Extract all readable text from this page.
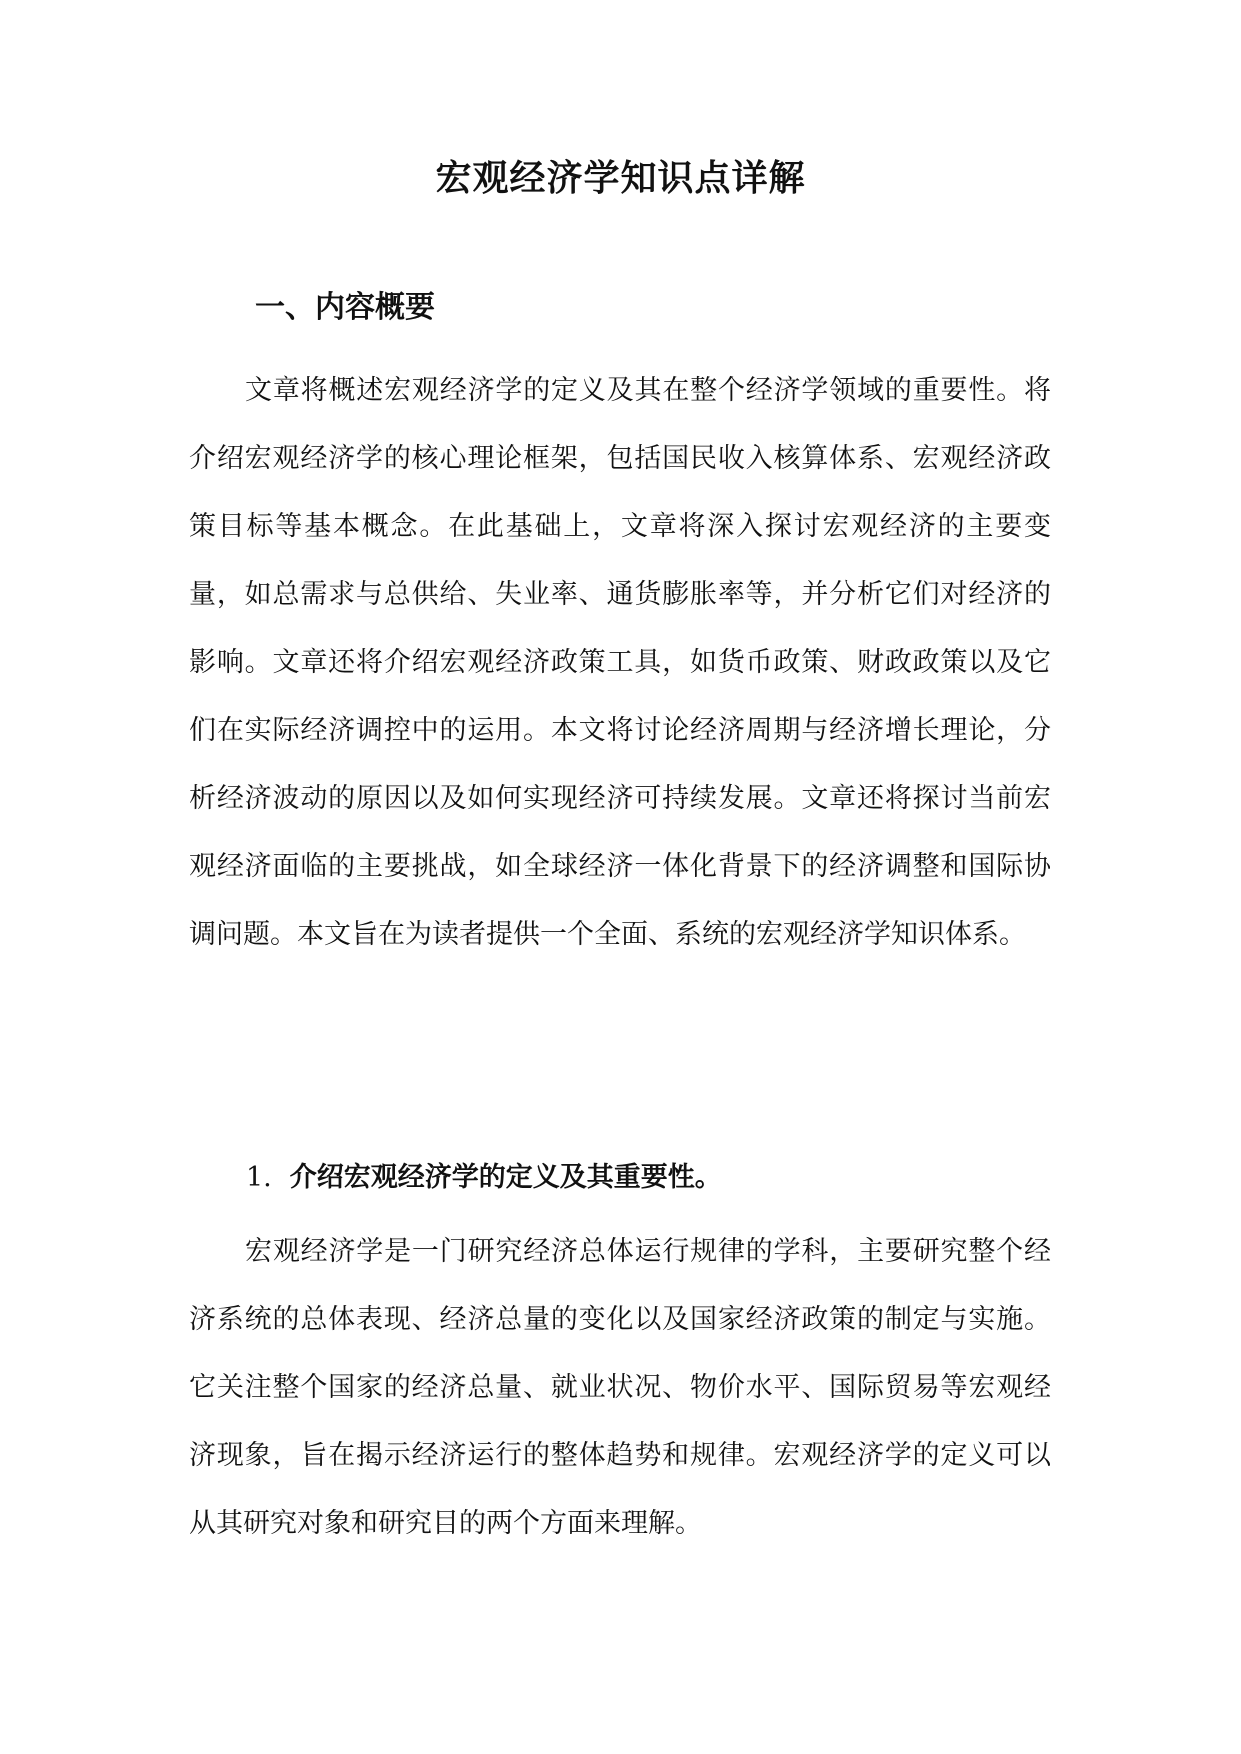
宏观经济学知识点详解
一、内容概要

文章将概述宏观经济学的定义及其在整个经济学领域的重要性。将介绍宏观经济学的核心理论框架，包括国民收入核算体系、宏观经济政策目标等基本概念。在此基础上，文章将深入探讨宏观经济的主要变量，如总需求与总供给、失业率、通货膨胀率等，并分析它们对经济的影响。文章还将介绍宏观经济政策工具，如货币政策、财政政策以及它们在实际经济调控中的运用。本文将讨论经济周期与经济增长理论，分析经济波动的原因以及如何实现经济可持续发展。文章还将探讨当前宏观经济面临的主要挑战，如全球经济一体化背景下的经济调整和国际协调问题。本文旨在为读者提供一个全面、系统的宏观经济学知识体系。

1. 介绍宏观经济学的定义及其重要性。

宏观经济学是一门研究经济总体运行规律的学科，主要研究整个经济系统的总体表现、经济总量的变化以及国家经济政策的制定与实施。它关注整个国家的经济总量、就业状况、物价水平、国际贸易等宏观经济现象，旨在揭示经济运行的整体趋势和规律。宏观经济学的定义可以从其研究对象和研究目的两个方面来理解。
